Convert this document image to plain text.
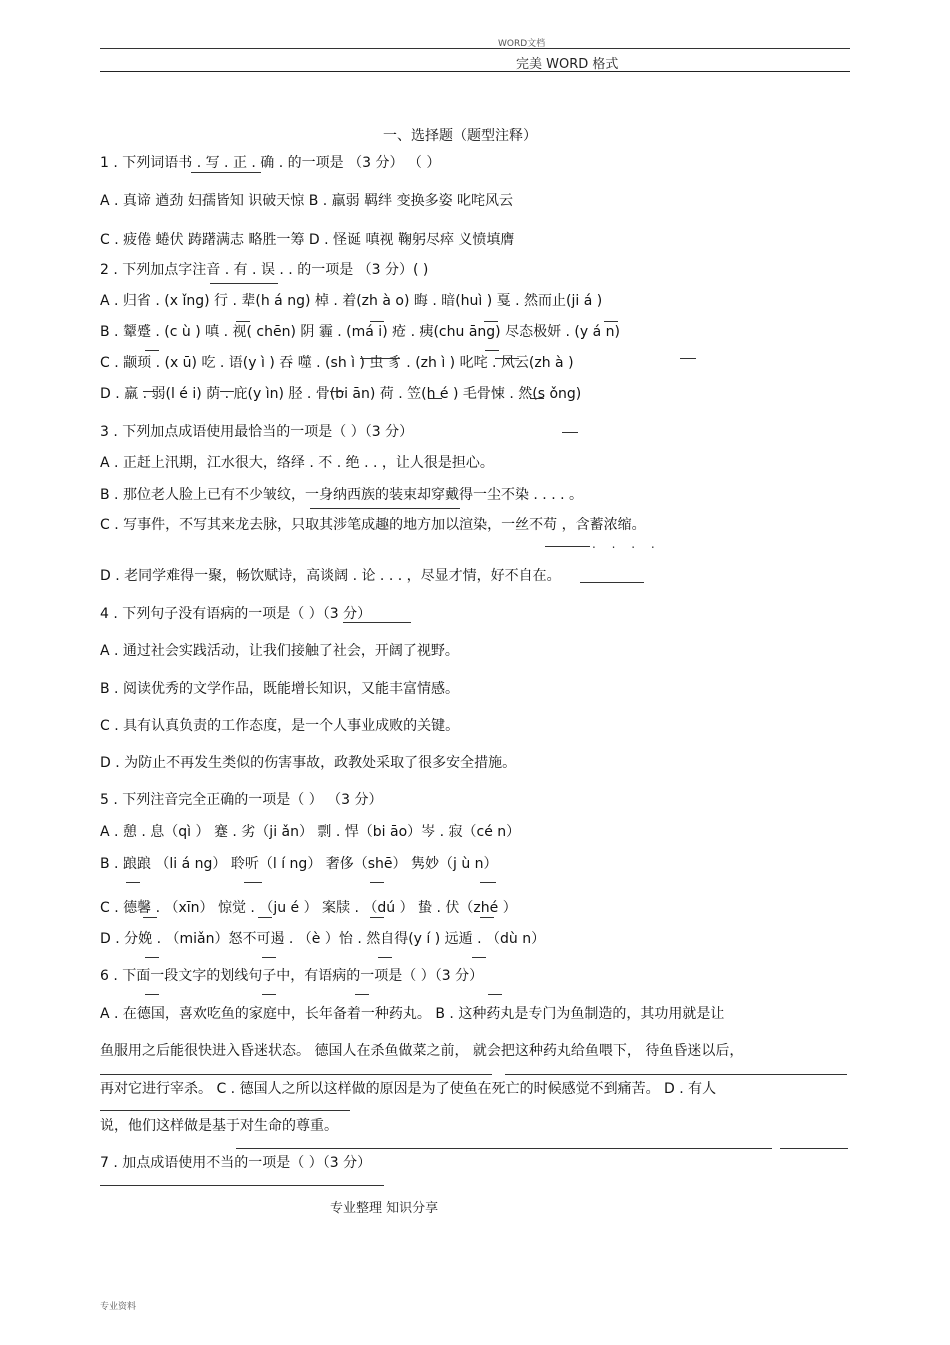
WORD文档
完美 WORD 格式
一、选择题（题型注释）
1 . 下列词语书 . 写 . 正 . 确 . 的一项是 （3 分） （ ）
A . 真谛 遒劲 妇孺皆知 识破天惊 B . 羸弱 羁绊 变换多姿 叱咤风云
C . 疲倦 蜷伏 踌躇满志 略胜一筹 D . 怪诞 嗔视 鞠躬尽瘁 义愤填膺
2 . 下列加点字注音 . 有 . 误 . . 的一项是 （3 分）( )
A . 归省 . (x ǐng) 行 . 辈(h á ng) 棹 . 着(zh à o) 晦 . 暗(huì ) 戛 . 然而止(ji á )
B . 颦蹙 . (c ù ) 嗔 . 视( chēn) 阴 霾 . (má i) 疮 . 痍(chu āng) 尽态极妍 . (y á n)
C . 颛顼 . (x ū) 吃 . 语(y ì ) 吞 噬 . (sh ì ) 虫 豸 . (zh ì ) 叱咤 . 风云(zh à )
D . 羸 . 弱(l é i) 荫 . 庇(y ìn) 胫 . 骨(bi ān) 荷 . 笠(h é ) 毛骨悚 . 然(s ǒng)
3 . 下列加点成语使用最恰当的一项是（ ）（3 分）
A . 正赶上汛期，江水很大，络绎 . 不 . 绝 . . ，让人很是担心。
B . 那位老人脸上已有不少皱纹，一身纳西族的装束却穿戴得一尘不染 . . . . 。
C . 写事件，不写其来龙去脉，只取其涉笔成趣的地方加以渲染，一丝不苟 ，含蓄浓缩。
. . . .
D . 老同学难得一聚，畅饮赋诗，高谈阔 . 论 . . . ，尽显才情，好不自在。
4 . 下列句子没有语病的一项是（ ）（3 分）
A . 通过社会实践活动，让我们接触了社会，开阔了视野。
B . 阅读优秀的文学作品，既能增长知识，又能丰富情感。
C . 具有认真负责的工作态度，是一个人事业成败的关键。
D . 为防止不再发生类似的伤害事故，政教处采取了很多安全措施。
5 . 下列注音完全正确的一项是（ ） （3 分）
A . 憩 . 息（qì ） 蹇 . 劣（ji ǎn） 剽 . 悍（bi āo）岑 . 寂（cé n）
B . 踉踉 （li á ng） 聆听（l í ng） 奢侈（shē） 隽妙（j ù n）
C . 德馨 . （xīn） 惊觉 . （ju é ） 案牍 . （dú ） 蛰 . 伏（zhé ）
D . 分娩 . （miǎn）怒不可遏 . （è ）怡 . 然自得(y í ) 远遁 . （dù n）
6 . 下面一段文字的划线句子中，有语病的一项是（ ）（3 分）
A . 在德国，喜欢吃鱼的家庭中，长年备着一种药丸。 B . 这种药丸是专门为鱼制造的，其功用就是让
鱼服用之后能很快进入昏迷状态。 德国人在杀鱼做菜之前， 就会把这种药丸给鱼喂下， 待鱼昏迷以后，
再对它进行宰杀。 C . 德国人之所以这样做的原因是为了使鱼在死亡的时候感觉不到痛苦。 D . 有人
说，他们这样做是基于对生命的尊重。
7 . 加点成语使用不当的一项是（ ）（3 分）
专业整理 知识分享
专业资料
